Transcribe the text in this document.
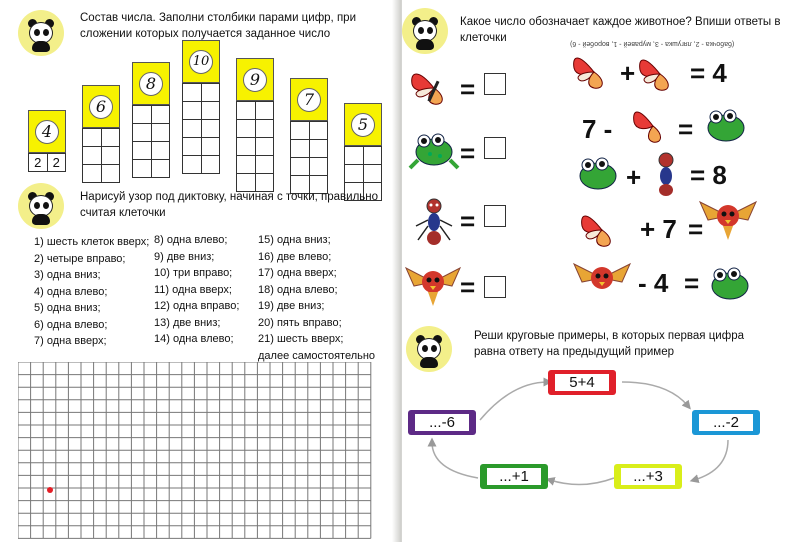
Состав числа. Заполни столбики парами цифр, при сложении которых получается заданное число
4
2 2
6
8
10
9
7
5
Нарисуй узор под диктовку, начиная с точки, правильно считая клеточки
1) шесть клеток вверх;
2) четыре вправо;
3) одна вниз;
4) одна влево;
5) одна вниз;
6) одна влево;
7) одна вверх;
8) одна влево;
9) две вниз;
10) три вправо;
11) одна вверх;
12) одна вправо;
13) две вниз;
14) одна влево;
15) одна вниз;
16) две влево;
17) одна вверх;
18) одна влево;
19) две вниз;
20) пять вправо;
21) шесть вверх;
далее самостоятельно
Какое число обозначает каждое животное? Впиши ответы в клеточки	(бабочка - 2, лягушка - 3, муравей - 1, воробей - 6)
=
=
=
=
+ = 4
7 -	=
+ = 8
+ 7 =
- 4 =
Реши круговые примеры, в которых первая цифра равна ответу на предыдущий пример
5+4
...-2
...+3
...+1
...-6
